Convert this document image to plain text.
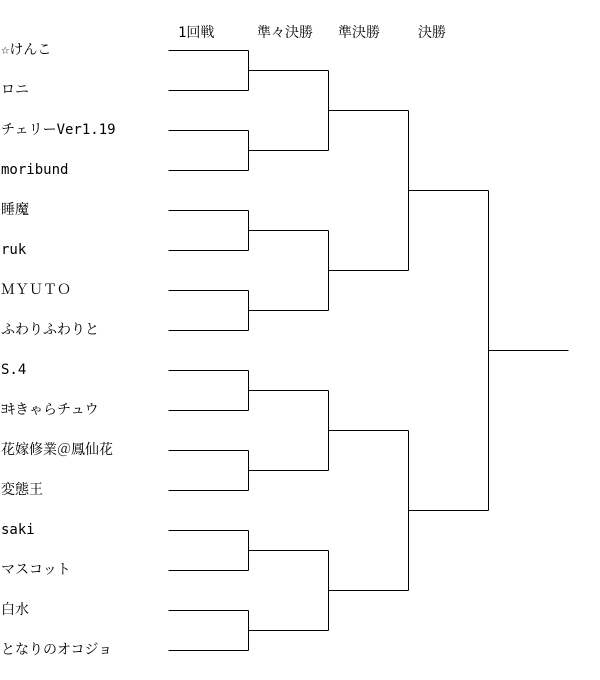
1回戦	準々決勝 準決勝	決勝
☆けんこ
ロニ
チェリーVer1.19
moribund
睡魔
ruk
ＭＹＵＴＯ
ふわりふわりと
S.4
ﾖｷきゃらチュウ
花嫁修業＠鳳仙花
変態王
saki
マスコット
白水
となりのオコジョ
